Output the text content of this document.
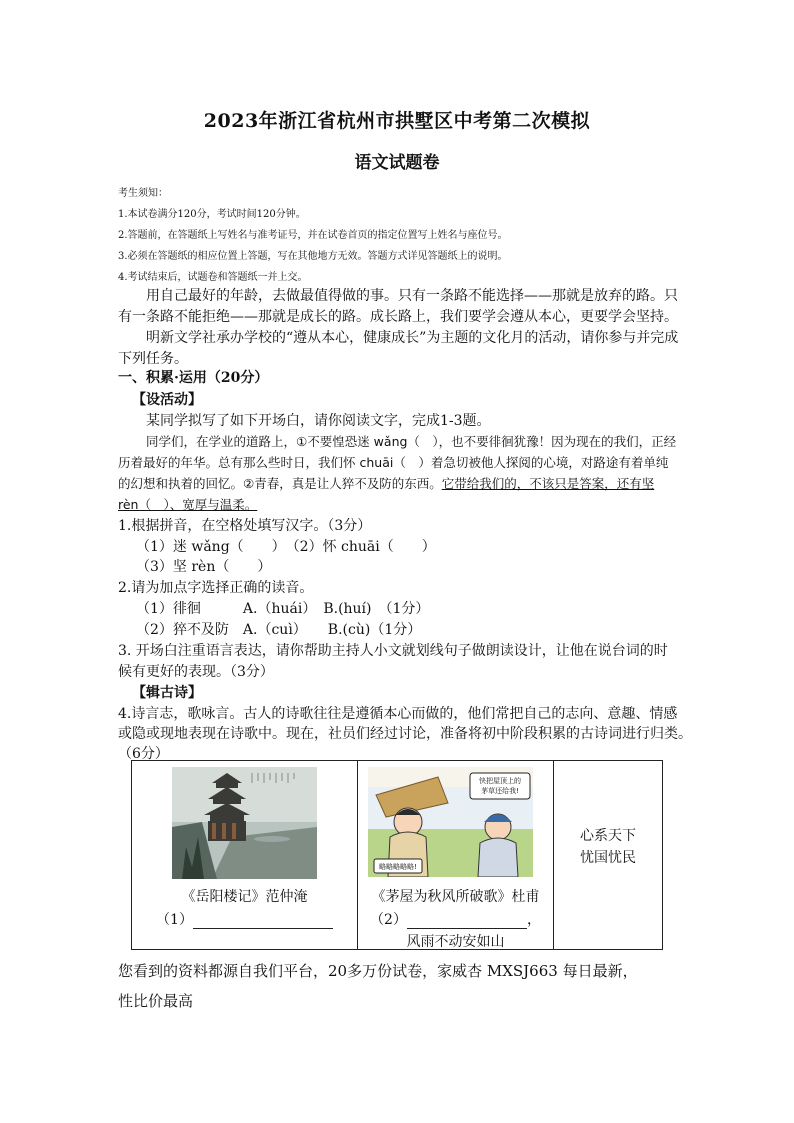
2023年浙江省杭州市拱墅区中考第二次模拟
语文试题卷
考生须知：
1.本试卷满分120分，考试时间120分钟。
2.答题前，在答题纸上写姓名与准考证号，并在试卷首页的指定位置写上姓名与座位号。
3.必须在答题纸的相应位置上答题，写在其他地方无效。答题方式详见答题纸上的说明。
4.考试结束后，试题卷和答题纸一并上交。
用自己最好的年龄，去做最值得做的事。只有一条路不能选择——那就是放弃的路。只有一条路不能拒绝——那就是成长的路。成长路上，我们要学会遵从本心，更要学会坚持。
明新文学社承办学校的“遵从本心，健康成长”为主题的文化月的活动，请你参与并完成下列任务。
一、积累·运用（20分）
【设活动】
某同学拟写了如下开场白，请你阅读文字，完成1-3题。
同学们，在学业的道路上，①不要惶恐迷 wǎng（　），也不要徘徊犹豫！因为现在的我们，正经历着最好的年华。总有那么些时日，我们怀 chuāi（　）着急切被他人探阅的心境，对路途有着单纯的幻想和执着的回忆。②青春，真是让人猝不及防的东西。它带给我们的，不该只是答案，还有坚 rèn（　）、宽厚与温柔。
1.根据拼音，在空格处填写汉字。（3分）
（1）迷 wǎng（　　）　（2）怀 chuāi（　　）
（3）坚 rèn（　　）
2.请为加点字选择正确的读音。
（1）徘徊　　　A.（huái）　B.(huí)　（1分）
（2）猝不及防　A.（cuì）　　B.(cù)（1分）
3. 开场白注重语言表达，请你帮助主持人小文就划线句子做朗读设计，让他在说台词的时
候有更好的表现。（3分）
【辑古诗】
4.诗言志，歌咏言。古人的诗歌往往是遵循本心而做的，他们常把自己的志向、意趣、情感
或隐或现地表现在诗歌中。现在，社员们经过讨论，准备将初中阶段积累的古诗词进行归类。
（6分）
《岳阳楼记》范仲淹
（1）
快把屋顶上的
茅草还给我!
略略略略略!
《茅屋为秋风所破歌》杜甫
（2）	，
风雨不动安如山
心系天下
忧国忧民
您看到的资料都源自我们平台，20多万份试卷，家威杏 MXSJ663 每日最新，
性比价最高
